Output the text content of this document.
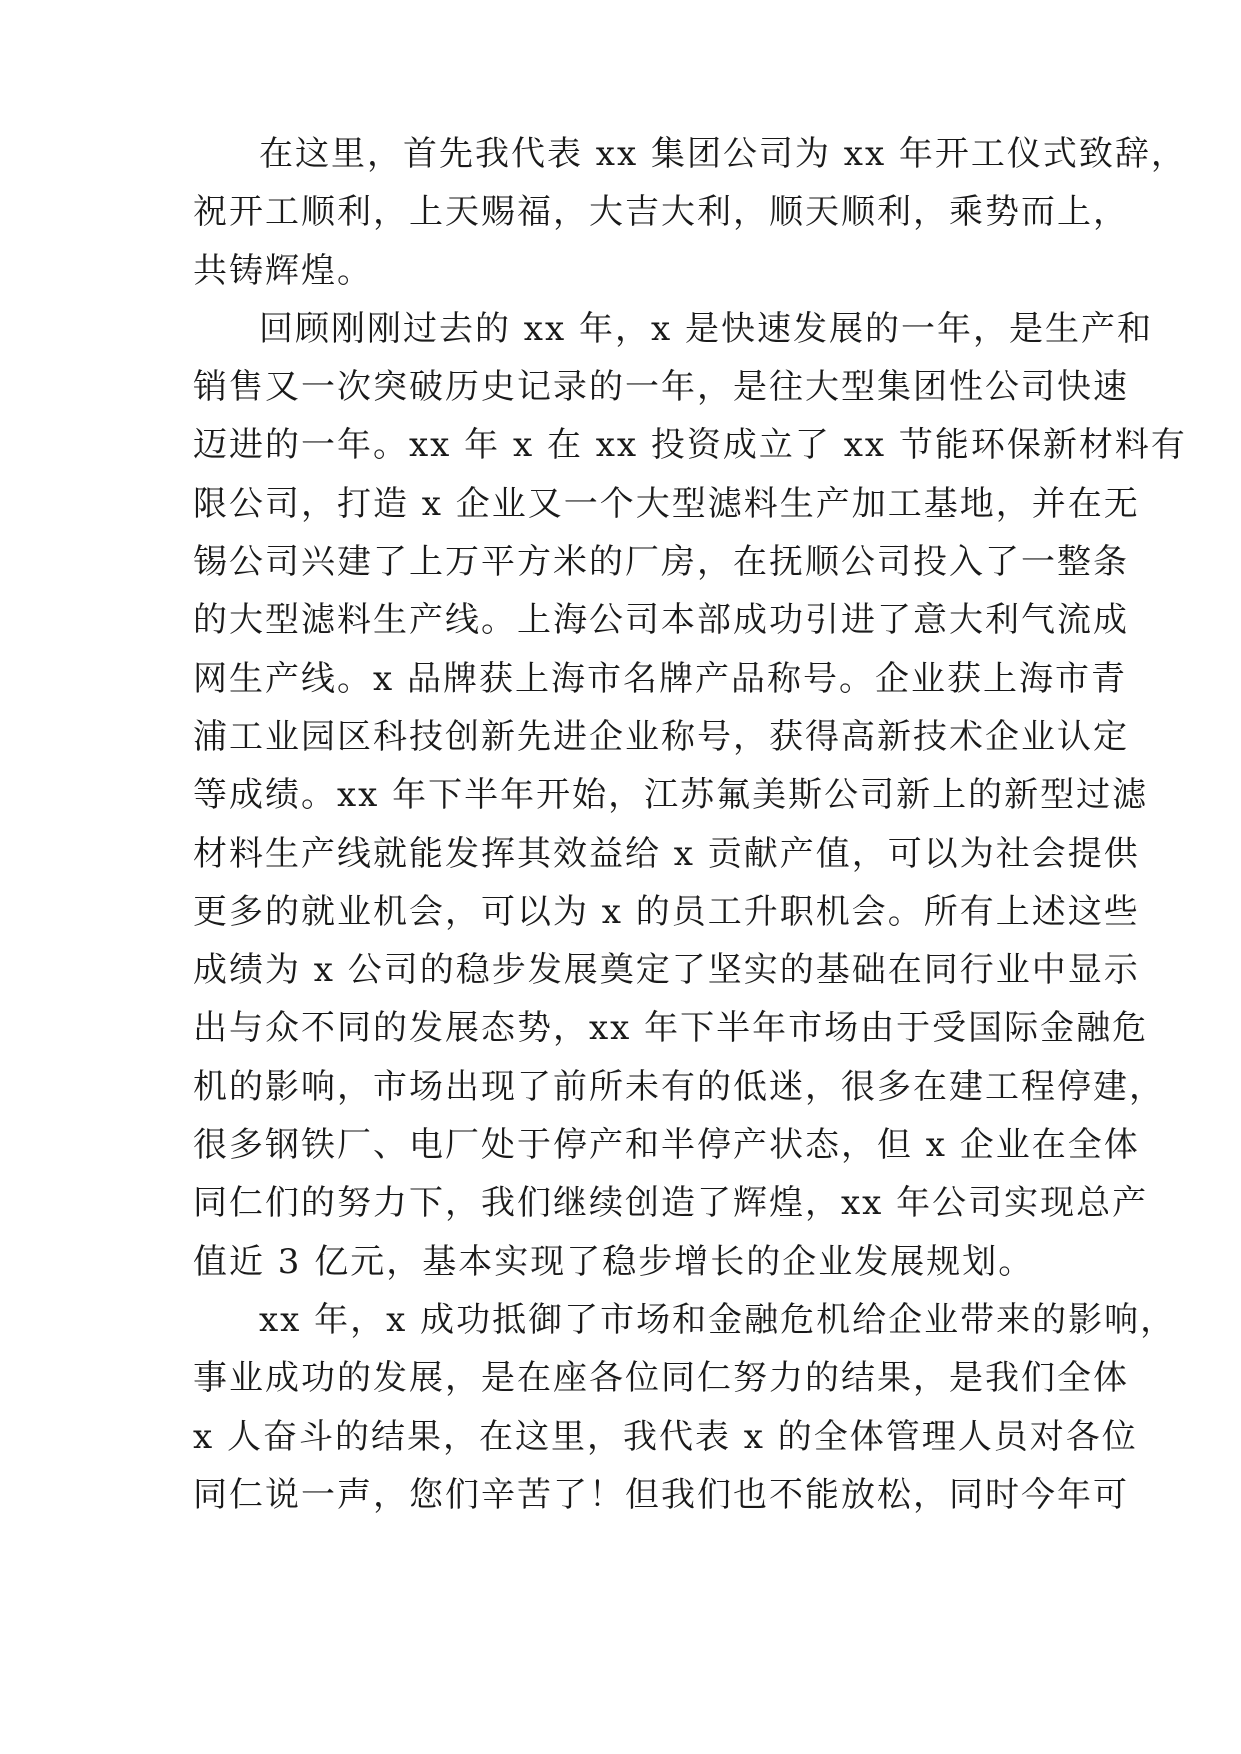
在这里，首先我代表 xx 集团公司为 xx 年开工仪式致辞，
祝开工顺利，上天赐福，大吉大利，顺天顺利，乘势而上，
共铸辉煌。
回顾刚刚过去的 xx 年，x 是快速发展的一年，是生产和
销售又一次突破历史记录的一年，是往大型集团性公司快速
迈进的一年。xx 年 x 在 xx 投资成立了 xx 节能环保新材料有
限公司，打造 x 企业又一个大型滤料生产加工基地，并在无
锡公司兴建了上万平方米的厂房，在抚顺公司投入了一整条
的大型滤料生产线。上海公司本部成功引进了意大利气流成
网生产线。x 品牌获上海市名牌产品称号。企业获上海市青
浦工业园区科技创新先进企业称号，获得高新技术企业认定
等成绩。xx 年下半年开始，江苏氟美斯公司新上的新型过滤
材料生产线就能发挥其效益给 x 贡献产值，可以为社会提供
更多的就业机会，可以为 x 的员工升职机会。所有上述这些
成绩为 x 公司的稳步发展奠定了坚实的基础在同行业中显示
出与众不同的发展态势，xx 年下半年市场由于受国际金融危
机的影响，市场出现了前所未有的低迷，很多在建工程停建，
很多钢铁厂、电厂处于停产和半停产状态，但 x 企业在全体
同仁们的努力下，我们继续创造了辉煌，xx 年公司实现总产
值近 3 亿元，基本实现了稳步增长的企业发展规划。
xx 年，x 成功抵御了市场和金融危机给企业带来的影响，
事业成功的发展，是在座各位同仁努力的结果，是我们全体
x 人奋斗的结果，在这里，我代表 x 的全体管理人员对各位
同仁说一声，您们辛苦了！但我们也不能放松，同时今年可
